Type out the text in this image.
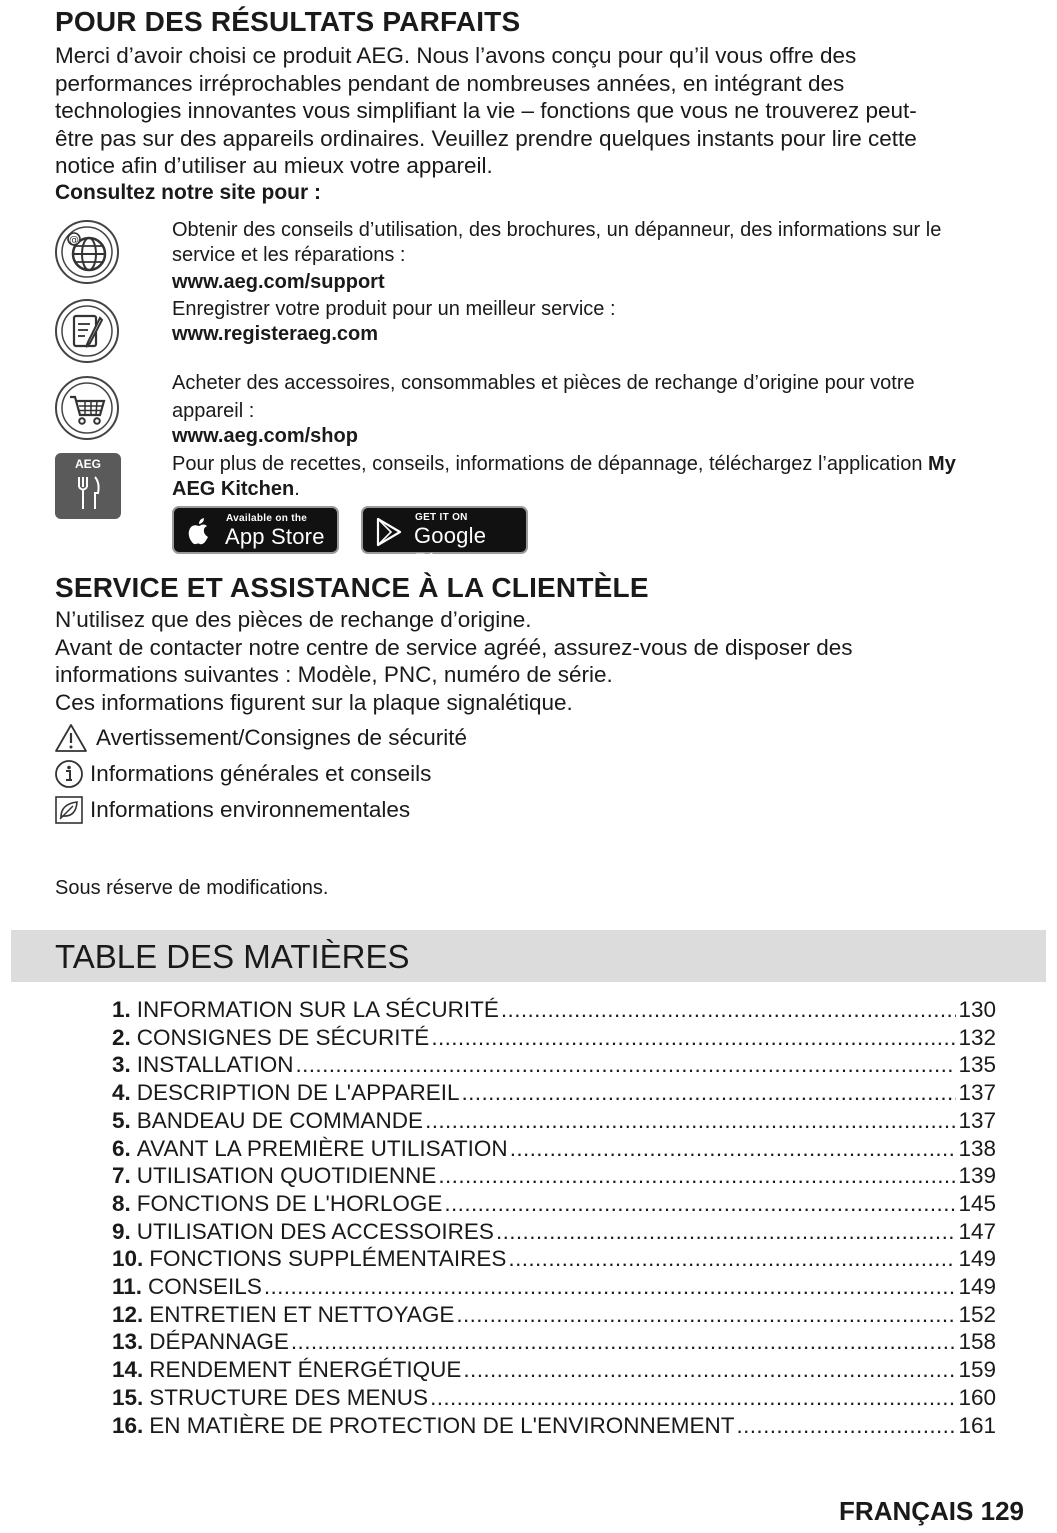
POUR DES RÉSULTATS PARFAITS
Merci d’avoir choisi ce produit AEG. Nous l’avons conçu pour qu’il vous offre des
performances irréprochables pendant de nombreuses années, en intégrant des
technologies innovantes vous simplifiant la vie – fonctions que vous ne trouverez peut-
être pas sur des appareils ordinaires. Veuillez prendre quelques instants pour lire cette
notice afin d’utiliser au mieux votre appareil.
Consultez notre site pour :
@	Obtenir des conseils d’utilisation, des brochures, un dépanneur, des informations sur le
service et les réparations :
www.aeg.com/support
Enregistrer votre produit pour un meilleur service :
www.registeraeg.com
Acheter des accessoires, consommables et pièces de rechange d’origine pour votre
appareil :
www.aeg.com/shop
AEG	Pour plus de recettes, conseils, informations de dépannage, téléchargez l’application My
AEG Kitchen.
Available on the
App Store
GET IT ON
Google Play
SERVICE ET ASSISTANCE À LA CLIENTÈLE
N’utilisez que des pièces de rechange d’origine.
Avant de contacter notre centre de service agréé, assurez-vous de disposer des
informations suivantes : Modèle, PNC, numéro de série.
Ces informations figurent sur la plaque signalétique.
Avertissement/Consignes de sécurité
Informations générales et conseils
Informations environnementales
Sous réserve de modifications.
TABLE DES MATIÈRES
1. INFORMATION SUR LA SÉCURITÉ .....	130
2. CONSIGNES DE SÉCURITÉ .....	132
3. INSTALLATION .....	135
4. DESCRIPTION DE L'APPAREIL .....	137
5. BANDEAU DE COMMANDE .....	137
6. AVANT LA PREMIÈRE UTILISATION .....	138
7. UTILISATION QUOTIDIENNE .....	139
8. FONCTIONS DE L'HORLOGE .....	145
9. UTILISATION DES ACCESSOIRES .....	147
10. FONCTIONS SUPPLÉMENTAIRES .....	149
11. CONSEILS .....	149
12. ENTRETIEN ET NETTOYAGE .....	152
13. DÉPANNAGE .....	158
14. RENDEMENT ÉNERGÉTIQUE .....	159
15. STRUCTURE DES MENUS .....	160
16. EN MATIÈRE DE PROTECTION DE L'ENVIRONNEMENT .....	161
FRANÇAIS 129
